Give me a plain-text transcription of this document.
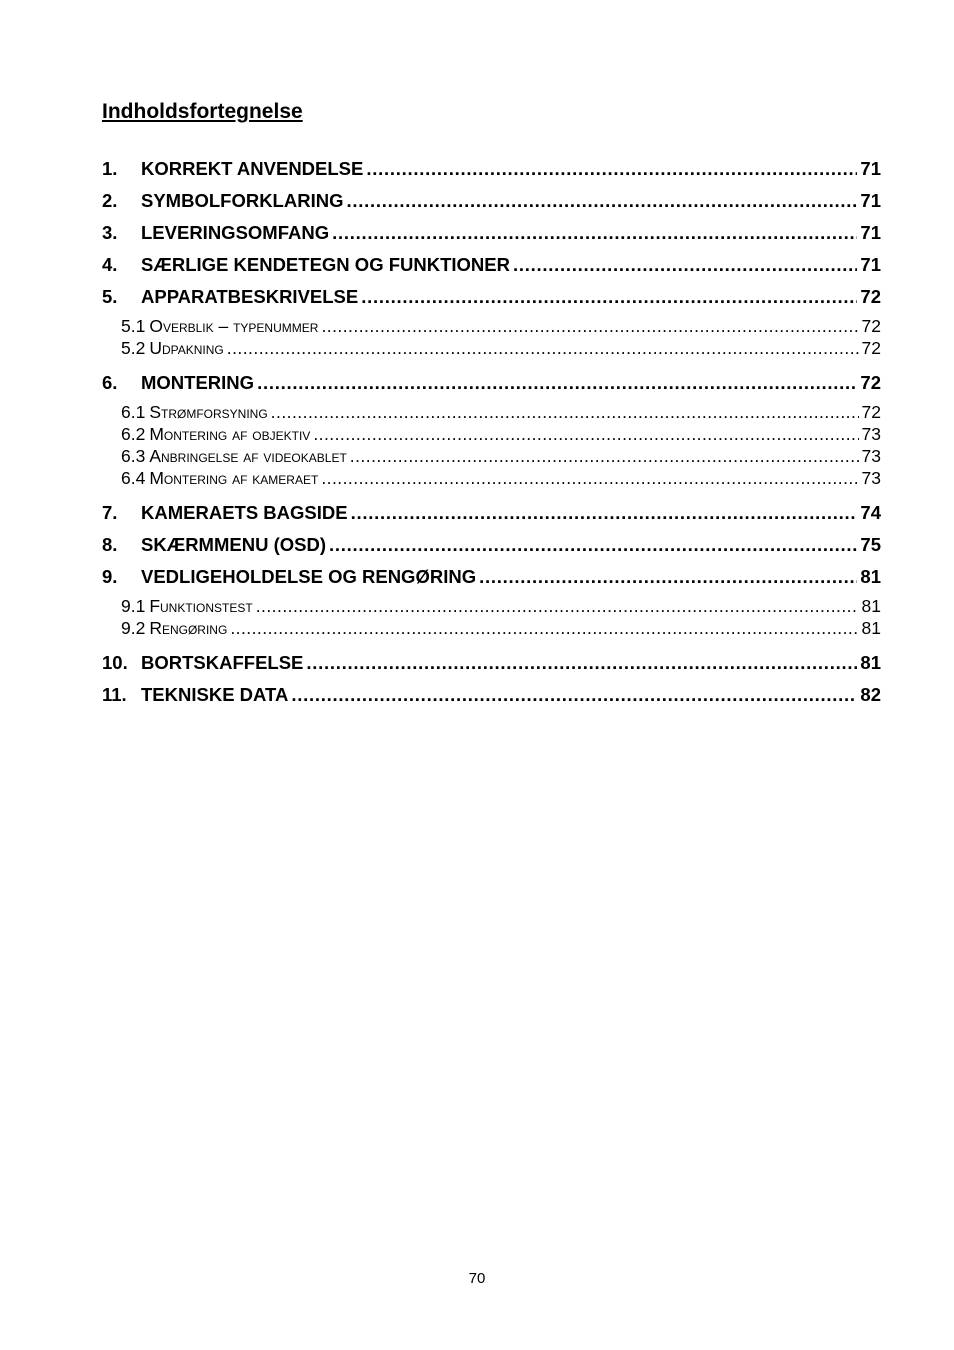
Indholdsfortegnelse
1.	KORREKT ANVENDELSE . . .	71
2.	SYMBOLFORKLARING . . .	71
3.	LEVERINGSOMFANG . . .	71
4.	SÆRLIGE KENDETEGN OG FUNKTIONER . . .	71
5.	APPARATBESKRIVELSE . . .	72
5.1 Overblik – typenummer . . .	72
5.2 Udpakning . . .	72
6.	MONTERING . . .	72
6.1 Strømforsyning . . .	72
6.2 Montering af objektiv . . .	73
6.3 Anbringelse af videokablet . . .	73
6.4 Montering af kameraet . . .	73
7.	KAMERAETS BAGSIDE . . .	74
8.	SKÆRMMENU (OSD) . . .	75
9.	VEDLIGEHOLDELSE OG RENGØRING . . .	81
9.1 Funktionstest . . .	81
9.2 Rengøring . . .	81
10. BORTSKAFFELSE . . .	81
11. TEKNISKE DATA . . .	82
70
